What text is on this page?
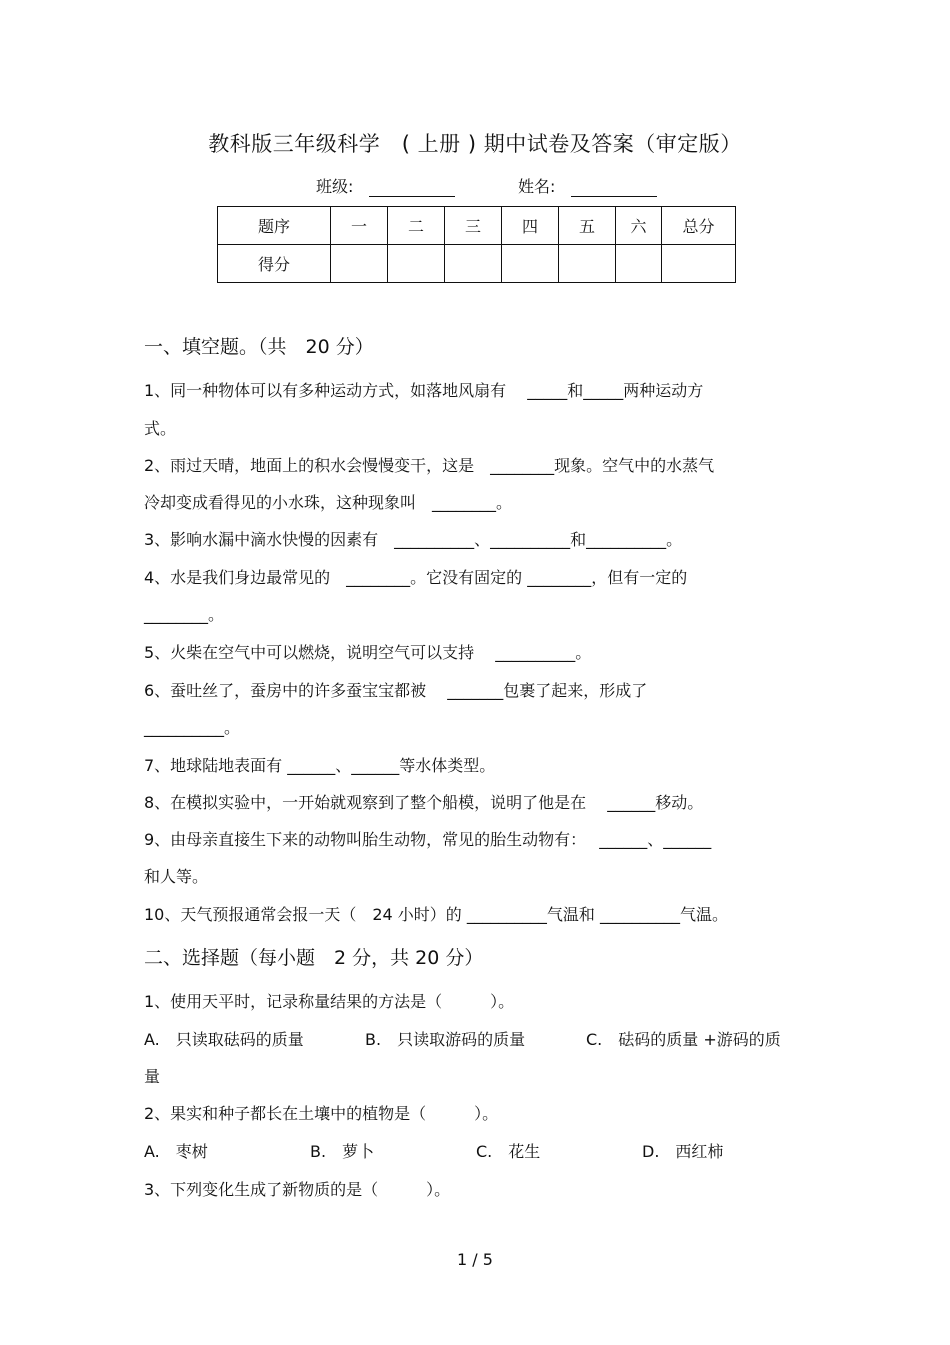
教科版三年级科学　( 上册 ) 期中试卷及答案（审定版）
班级:	姓名:
题序	一	二	三	四	五	六	总分
得分							
一、填空题。（共　20 分）
1、同一种物体可以有多种运动方式，如落地风扇有　 _____和_____两种运动方
式。
2、雨过天晴，地面上的积水会慢慢变干，这是　________现象。空气中的水蒸气
冷却变成看得见的小水珠，这种现象叫　________。
3、影响水漏中滴水快慢的因素有　__________、__________和__________。
4、水是我们身边最常见的　________。它没有固定的 ________，但有一定的
________。
5、火柴在空气中可以燃烧，说明空气可以支持　 __________。
6、蚕吐丝了，蚕房中的许多蚕宝宝都被　 _______包裹了起来，形成了
__________。
7、地球陆地表面有 ______、______等水体类型。
8、在模拟实验中，一开始就观察到了整个船模，说明了他是在　 ______移动。
9、由母亲直接生下来的动物叫胎生动物，常见的胎生动物有：　 ______、______
和人等。
10、天气预报通常会报一天（　24 小时）的 __________气温和 __________气温。
二、选择题（每小题　2 分，共 20 分）
1、使用天平时，记录称量结果的方法是（　　　）。
A.　只读取砝码的质量	B.　只读取游码的质量	C.　砝码的质量 +游码的质
量
2、果实和种子都长在土壤中的植物是（　　　）。
A.　枣树	B.　萝卜	C.　花生	D.　西红柿
3、下列变化生成了新物质的是（　　　）。
1 / 5
